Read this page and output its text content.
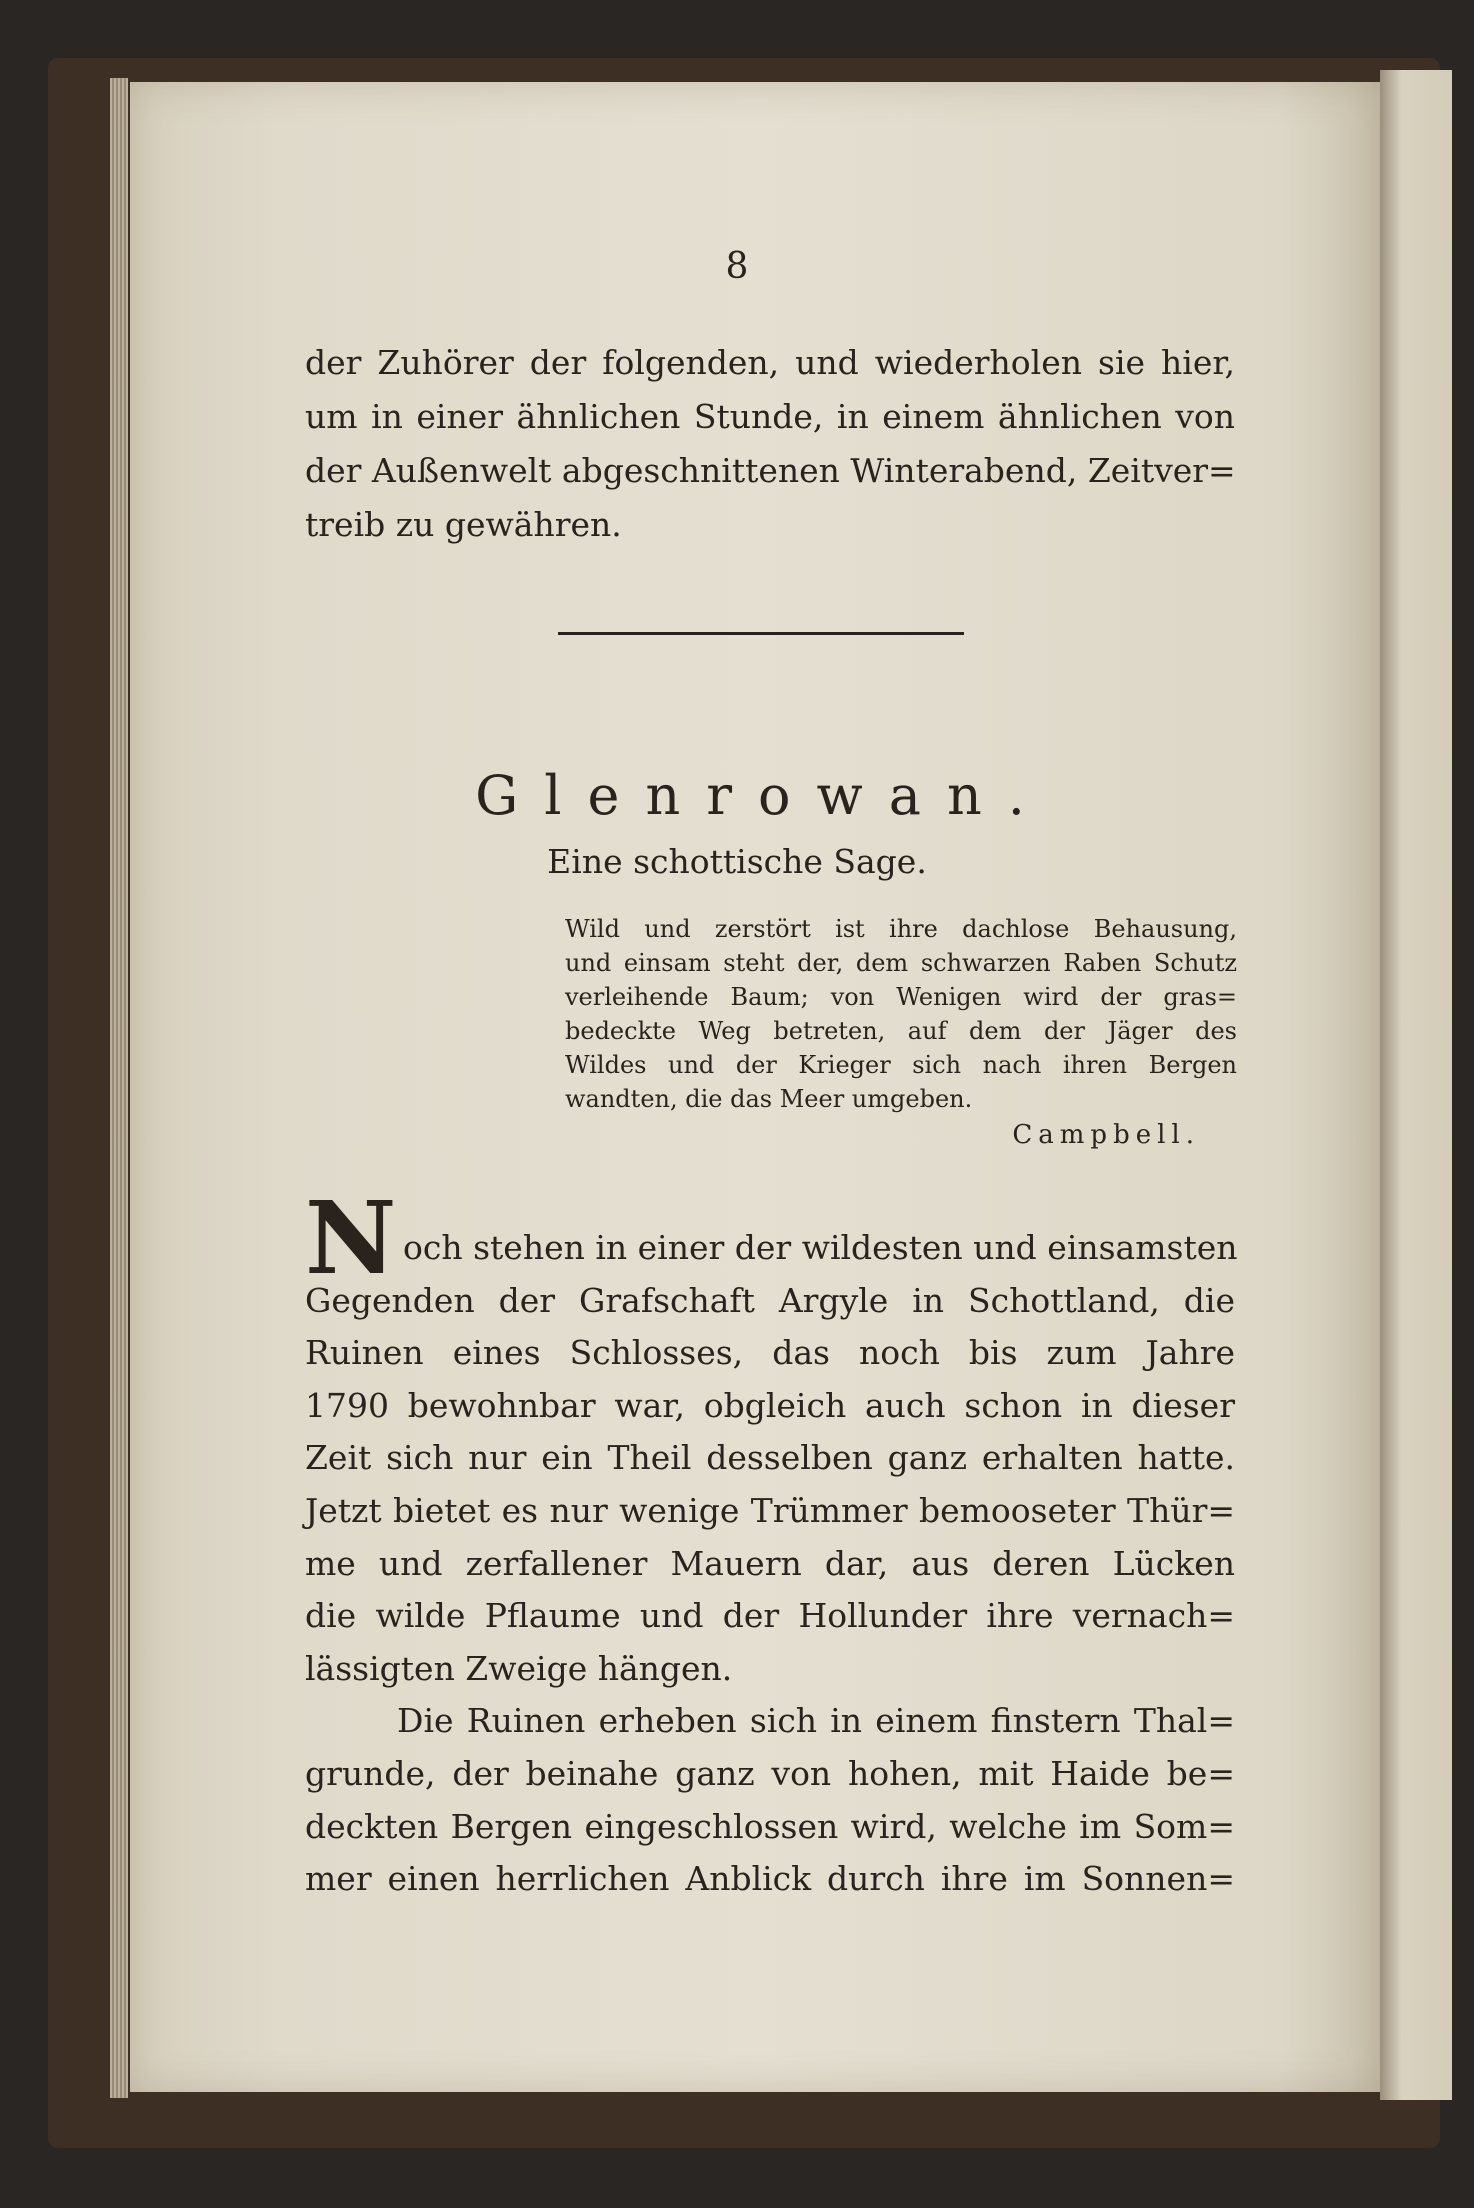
8
der Zuhörer der folgenden, und wiederholen sie hier,
um in einer ähnlichen Stunde, in einem ähnlichen von
der Außenwelt abgeschnittenen Winterabend, Zeitver=
treib zu gewähren.
Glenrowan.
Eine schottische Sage.
Wild und zerstört ist ihre dachlose Behausung,
und einsam steht der, dem schwarzen Raben Schutz
verleihende Baum; von Wenigen wird der gras=
bedeckte Weg betreten, auf dem der Jäger des
Wildes und der Krieger sich nach ihren Bergen
wandten, die das Meer umgeben.
Campbell.
N och stehen in einer der wildesten und einsamsten
Gegenden der Grafschaft Argyle in Schottland, die
Ruinen eines Schlosses, das noch bis zum Jahre
1790 bewohnbar war, obgleich auch schon in dieser
Zeit sich nur ein Theil desselben ganz erhalten hatte.
Jetzt bietet es nur wenige Trümmer bemooseter Thür=
me und zerfallener Mauern dar, aus deren Lücken
die wilde Pflaume und der Hollunder ihre vernach=
lässigten Zweige hängen.
Die Ruinen erheben sich in einem finstern Thal=
grunde, der beinahe ganz von hohen, mit Haide be=
deckten Bergen eingeschlossen wird, welche im Som=
mer einen herrlichen Anblick durch ihre im Sonnen=
